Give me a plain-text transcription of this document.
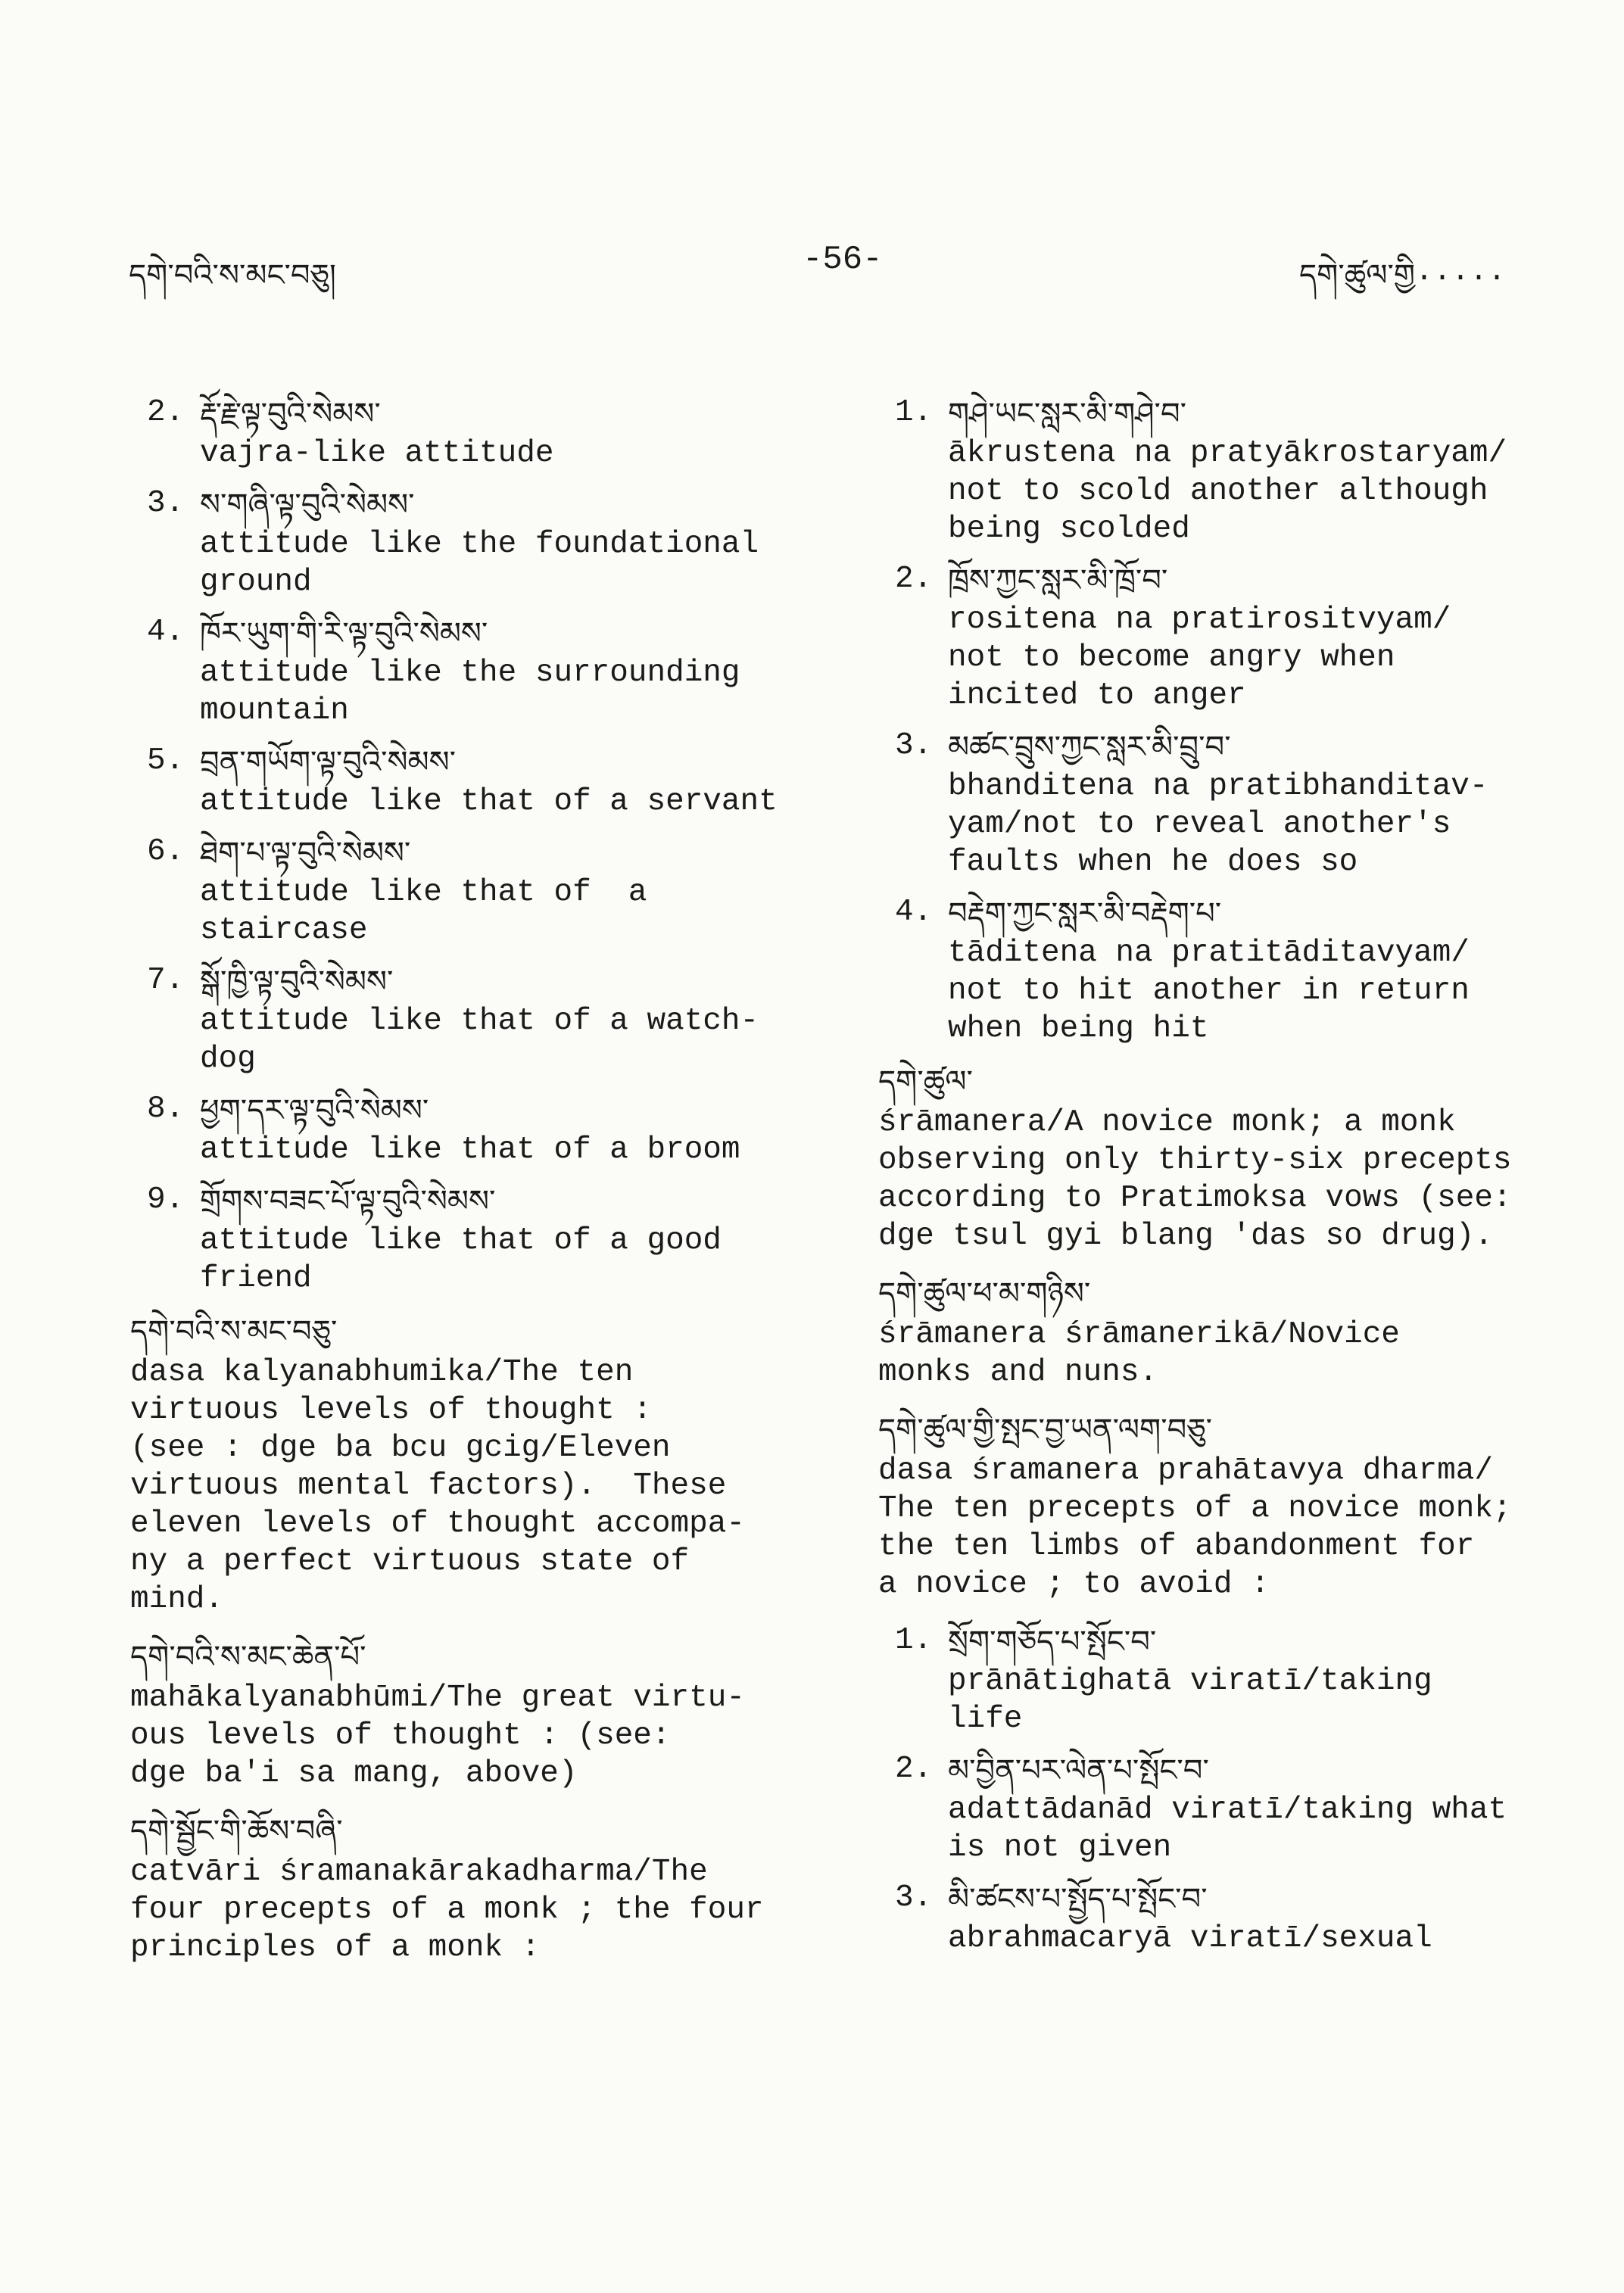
དགེ་བའི་ས་མང་བཅུ།	-56-	དགེ་ཚུལ་གྱི·····
2. རྡོ་རྗེ་ལྟ་བུའི་སེམས་
vajra-like attitude
3. ས་གཞི་ལྟ་བུའི་སེམས་
attitude like the foundational
ground
4. ཁོར་ཡུག་གི་རི་ལྟ་བུའི་སེམས་
attitude like the surrounding
mountain
5. བྲན་གཡོག་ལྟ་བུའི་སེམས་
attitude like that of a servant
6. ཐེག་པ་ལྟ་བུའི་སེམས་
attitude like that of  a
staircase
7. སྒོ་ཁྱི་ལྟ་བུའི་སེམས་
attitude like that of a watch-
dog
8. ཕྱག་དར་ལྟ་བུའི་སེམས་
attitude like that of a broom
9. གྲོགས་བཟང་པོ་ལྟ་བུའི་སེམས་
attitude like that of a good
friend
དགེ་བའི་ས་མང་བཅུ་
dasa kalyanabhumika/The ten
virtuous levels of thought :
(see : dge ba bcu gcig/Eleven
virtuous mental factors).  These
eleven levels of thought accompa-
ny a perfect virtuous state of
mind.
དགེ་བའི་ས་མང་ཆེན་པོ་
mahākalyanabhūmi/The great virtu-
ous levels of thought : (see:
dge ba'i sa mang, above)
དགེ་སྦྱོང་གི་ཆོས་བཞི་
catvāri śramanakārakadharma/The
four precepts of a monk ; the four
principles of a monk :
1. གཤེ་ཡང་སླར་མི་གཤེ་བ་
ākrustena na pratyākrostaryam/
not to scold another although
being scolded
2. ཁྲོས་ཀྱང་སླར་མི་ཁྲོ་བ་
rositena na pratirositvyam/
not to become angry when
incited to anger
3. མཚང་བྲུས་ཀྱང་སླར་མི་བྲུ་བ་
bhanditena na pratibhanditav-
yam/not to reveal another's
faults when he does so
4. བརྡེག་ཀྱང་སླར་མི་བརྡེག་པ་
tāditena na pratitāditavyam/
not to hit another in return
when being hit
དགེ་ཚུལ་
śrāmanera/A novice monk; a monk
observing only thirty-six precepts
according to Pratimoksa vows (see:
dge tsul gyi blang 'das so drug).
དགེ་ཚུལ་ཕ་མ་གཉིས་
śrāmanera śrāmanerikā/Novice
monks and nuns.
དགེ་ཚུལ་གྱི་སྤང་བྱ་ཡན་ལག་བཅུ་
dasa śramanera prahātavya dharma/
The ten precepts of a novice monk;
the ten limbs of abandonment for
a novice ; to avoid :
1. སྲོག་གཅོད་པ་སྤོང་བ་
prānātighatā viratī/taking
life
2. མ་བྱིན་པར་ལེན་པ་སྤོང་བ་
adattādanād viratī/taking what
is not given
3. མི་ཚངས་པ་སྤྱོད་པ་སྤོང་བ་
abrahmacaryā viratī/sexual
